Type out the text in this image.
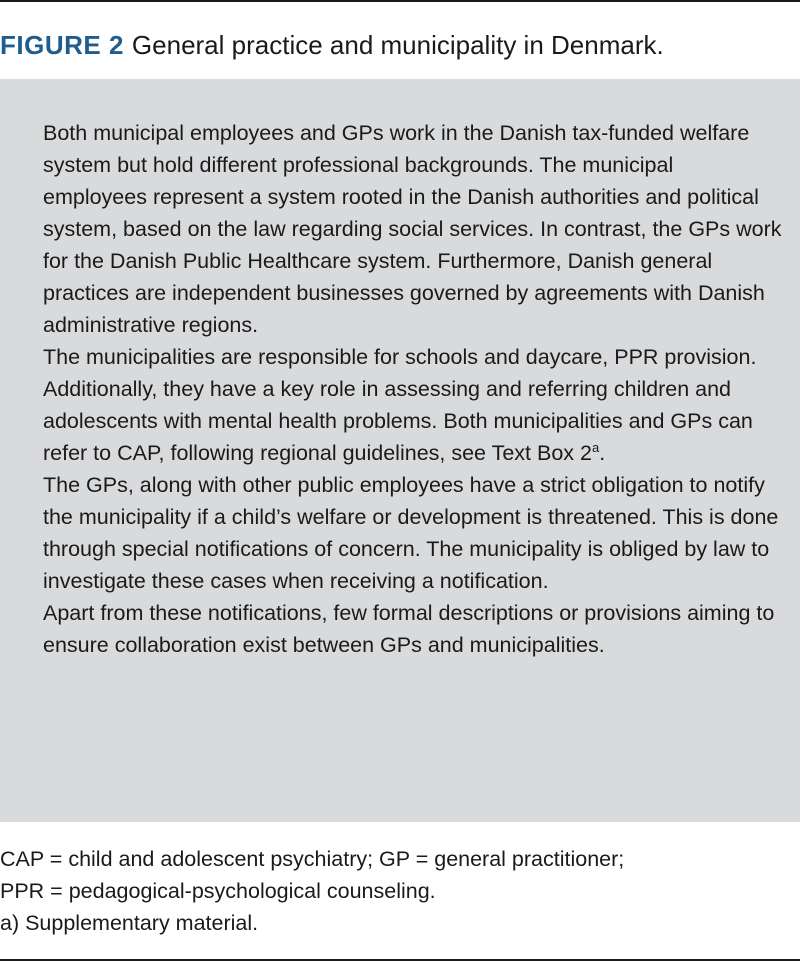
FIGURE 2 General practice and municipality in Denmark.

Both municipal employees and GPs work in the Danish tax-funded welfare system but hold different professional backgrounds. The municipal employees represent a system rooted in the Danish authorities and political system, based on the law regarding social services. In contrast, the GPs work for the Danish Public Healthcare system. Furthermore, Danish general practices are independent businesses governed by agreements with Danish administrative regions.

The municipalities are responsible for schools and daycare, PPR provision. Additionally, they have a key role in assessing and referring children and adolescents with mental health problems. Both municipalities and GPs can refer to CAP, following regional guidelines, see Text Box 2$^a$.

The GPs, along with other public employees have a strict obligation to notify the municipality if a child’s welfare or development is threatened. This is done through special notifications of concern. The municipality is obliged by law to investigate these cases when receiving a notification.

Apart from these notifications, few formal descriptions or provisions aiming to ensure collaboration exist between GPs and municipalities.

CAP = child and adolescent psychiatry; GP = general practitioner;
PPR = pedagogical-psychological counseling.
a) Supplementary material.
